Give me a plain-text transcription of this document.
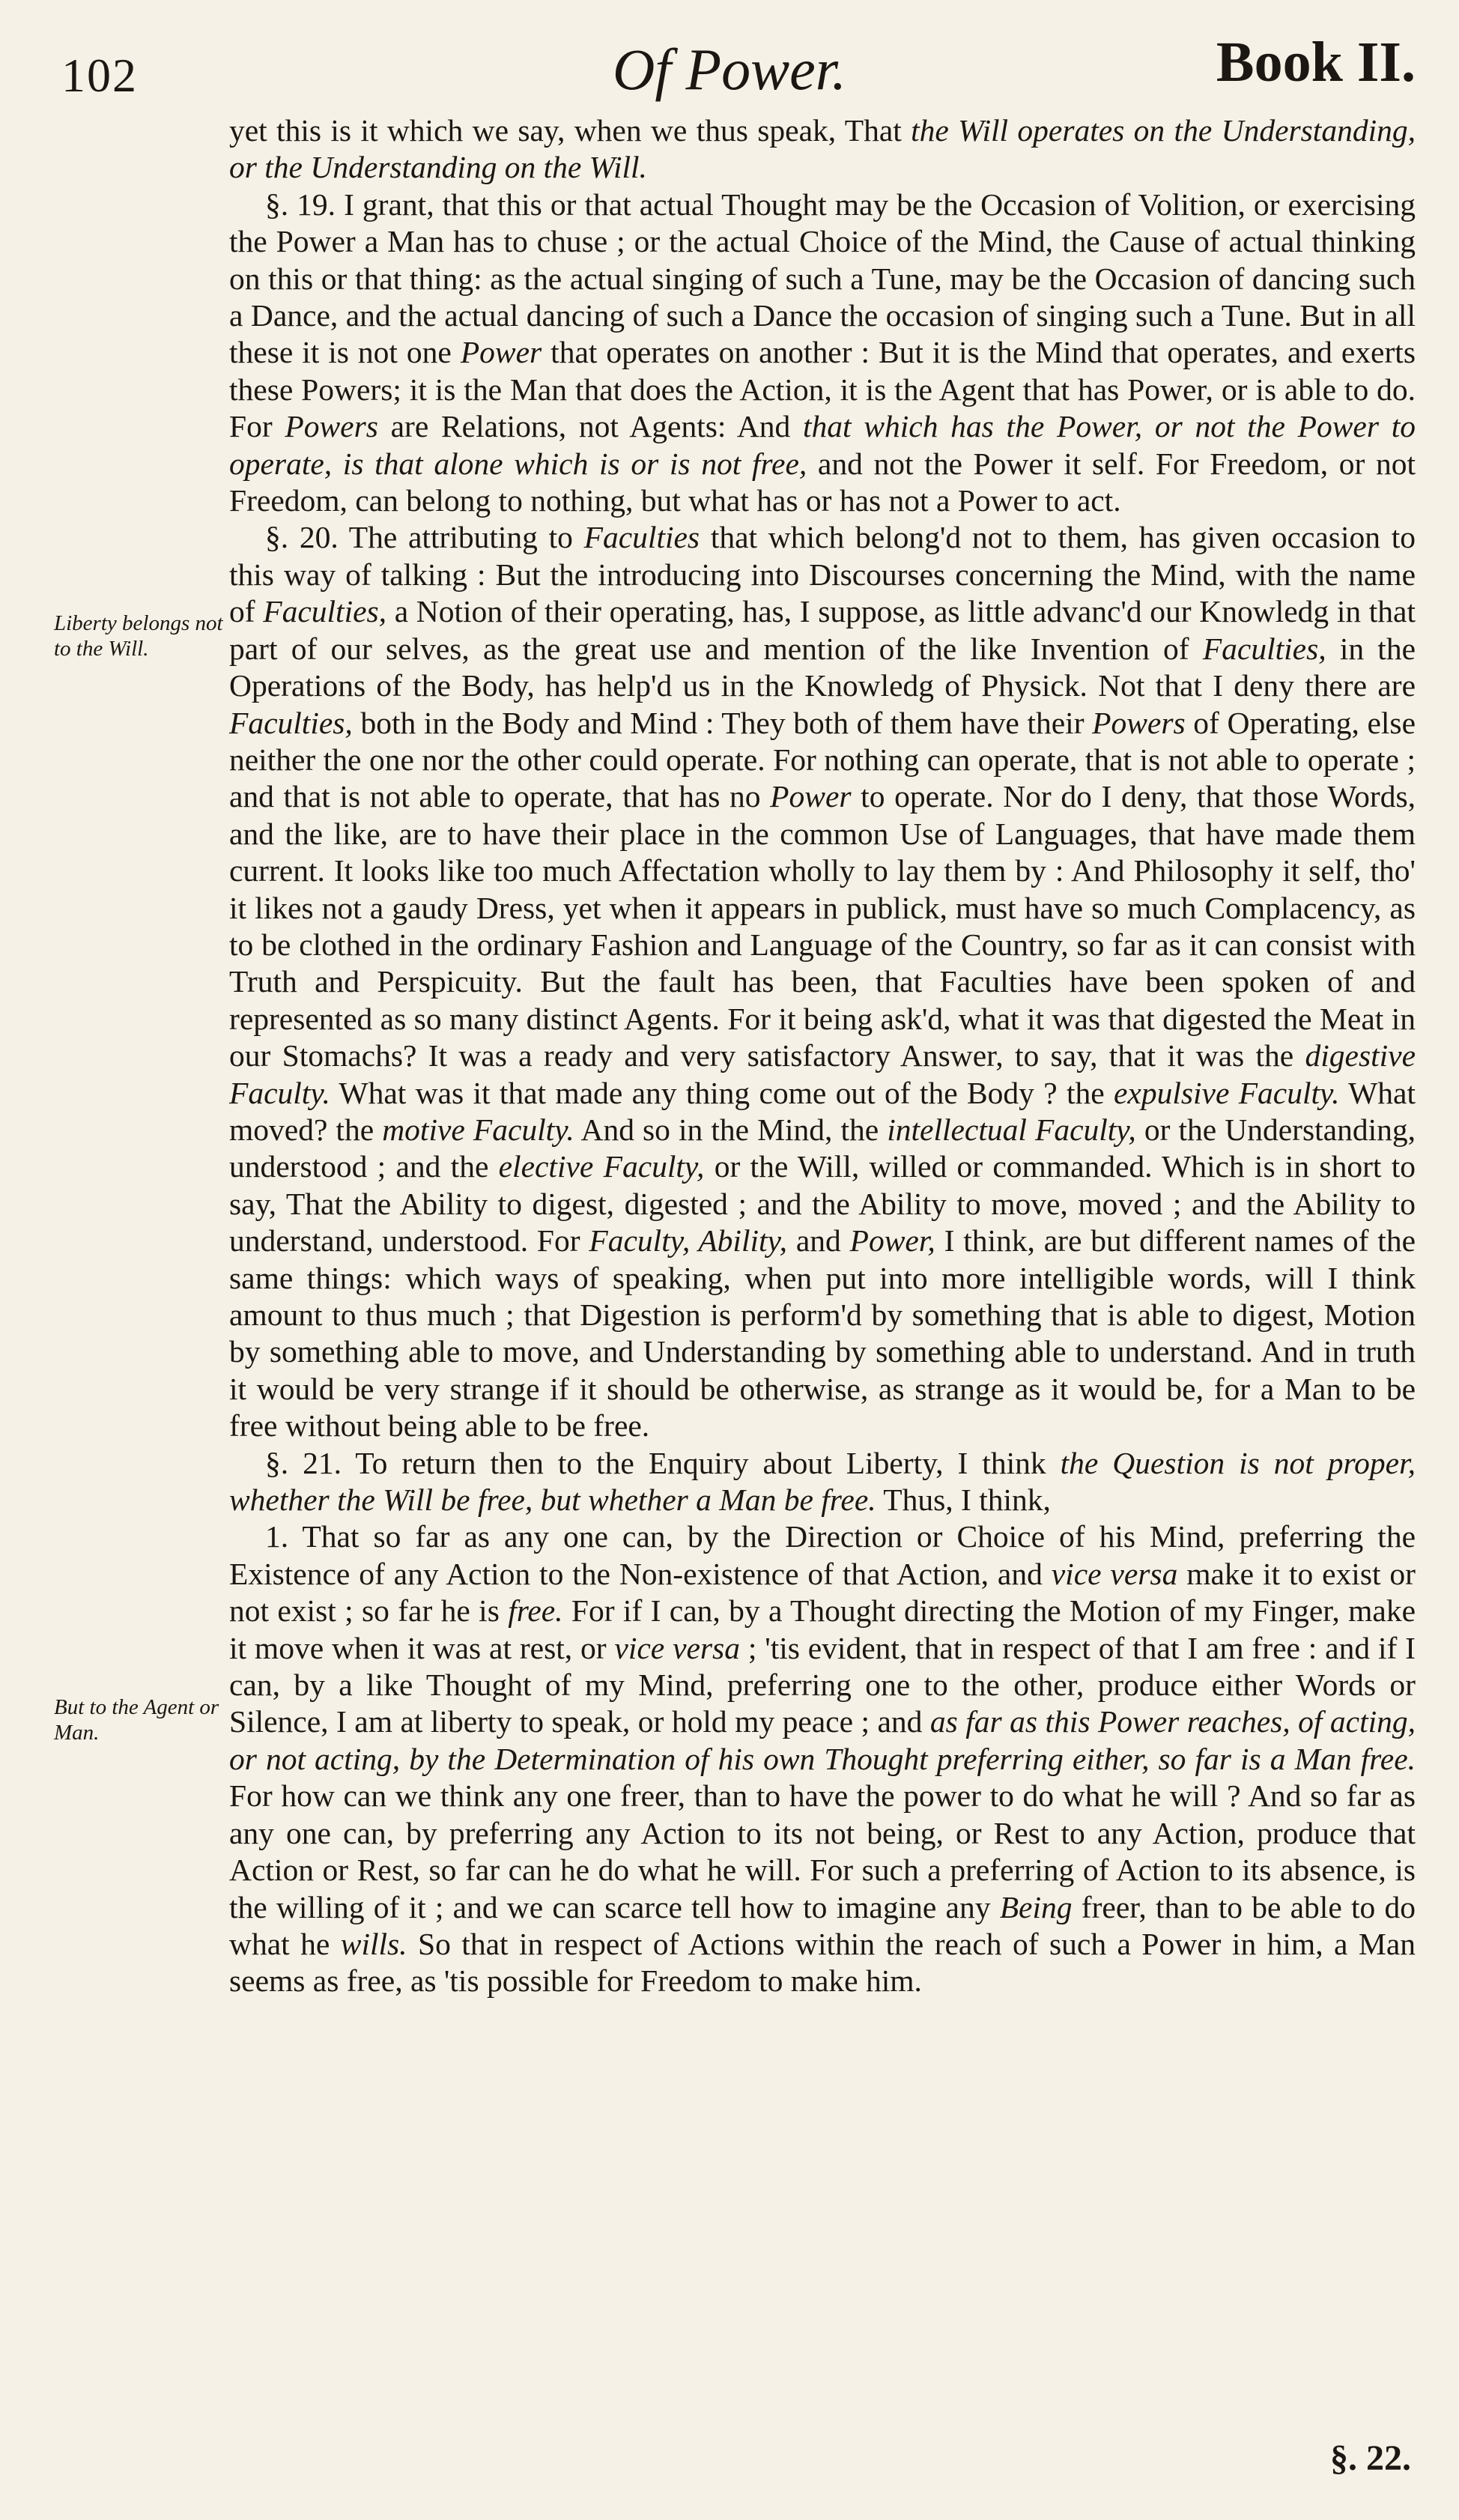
102	Of Power.	Book II.
Liberty belongs not to the Will.
But to the Agent or Man.

yet this is it which we say, when we thus speak, That the Will operates on the Understanding, or the Understanding on the Will.

§. 19. I grant, that this or that actual Thought may be the Occasion of Volition, or exercising the Power a Man has to chuse ; or the actual Choice of the Mind, the Cause of actual thinking on this or that thing: as the actual singing of such a Tune, may be the Occasion of dancing such a Dance, and the actual dancing of such a Dance the occasion of singing such a Tune. But in all these it is not one Power that operates on another : But it is the Mind that operates, and exerts these Powers; it is the Man that does the Action, it is the Agent that has Power, or is able to do. For Powers are Relations, not Agents: And that which has the Power, or not the Power to operate, is that alone which is or is not free, and not the Power it self. For Freedom, or not Freedom, can belong to nothing, but what has or has not a Power to act.

§. 20. The attributing to Faculties that which belong'd not to them, has given occasion to this way of talking : But the introducing into Discourses concerning the Mind, with the name of Faculties, a Notion of their operating, has, I suppose, as little advanc'd our Knowledg in that part of our selves, as the great use and mention of the like Invention of Faculties, in the Operations of the Body, has help'd us in the Knowledg of Physick. Not that I deny there are Faculties, both in the Body and Mind : They both of them have their Powers of Operating, else neither the one nor the other could operate. For nothing can operate, that is not able to operate ; and that is not able to operate, that has no Power to operate. Nor do I deny, that those Words, and the like, are to have their place in the common Use of Languages, that have made them current. It looks like too much Affectation wholly to lay them by : And Philosophy it self, tho' it likes not a gaudy Dress, yet when it appears in publick, must have so much Complacency, as to be clothed in the ordinary Fashion and Language of the Country, so far as it can consist with Truth and Perspicuity. But the fault has been, that Faculties have been spoken of and represented as so many distinct Agents. For it being ask'd, what it was that digested the Meat in our Stomachs? It was a ready and very satisfactory Answer, to say, that it was the digestive Faculty. What was it that made any thing come out of the Body ? the expulsive Faculty. What moved? the motive Faculty. And so in the Mind, the intellectual Faculty, or the Understanding, understood ; and the elective Faculty, or the Will, willed or commanded. Which is in short to say, That the Ability to digest, digested ; and the Ability to move, moved ; and the Ability to understand, understood. For Faculty, Ability, and Power, I think, are but different names of the same things: which ways of speaking, when put into more intelligible words, will I think amount to thus much ; that Digestion is perform'd by something that is able to digest, Motion by something able to move, and Understanding by something able to understand. And in truth it would be very strange if it should be otherwise, as strange as it would be, for a Man to be free without being able to be free.

§. 21. To return then to the Enquiry about Liberty, I think the Question is not proper, whether the Will be free, but whether a Man be free. Thus, I think,

1. That so far as any one can, by the Direction or Choice of his Mind, preferring the Existence of any Action to the Non-existence of that Action, and vice versa make it to exist or not exist ; so far he is free. For if I can, by a Thought directing the Motion of my Finger, make it move when it was at rest, or vice versa ; 'tis evident, that in respect of that I am free : and if I can, by a like Thought of my Mind, preferring one to the other, produce either Words or Silence, I am at liberty to speak, or hold my peace ; and as far as this Power reaches, of acting, or not acting, by the Determination of his own Thought preferring either, so far is a Man free. For how can we think any one freer, than to have the power to do what he will ? And so far as any one can, by preferring any Action to its not being, or Rest to any Action, produce that Action or Rest, so far can he do what he will. For such a preferring of Action to its absence, is the willing of it ; and we can scarce tell how to imagine any Being freer, than to be able to do what he wills. So that in respect of Actions within the reach of such a Power in him, a Man seems as free, as 'tis possible for Freedom to make him.

§. 22.
